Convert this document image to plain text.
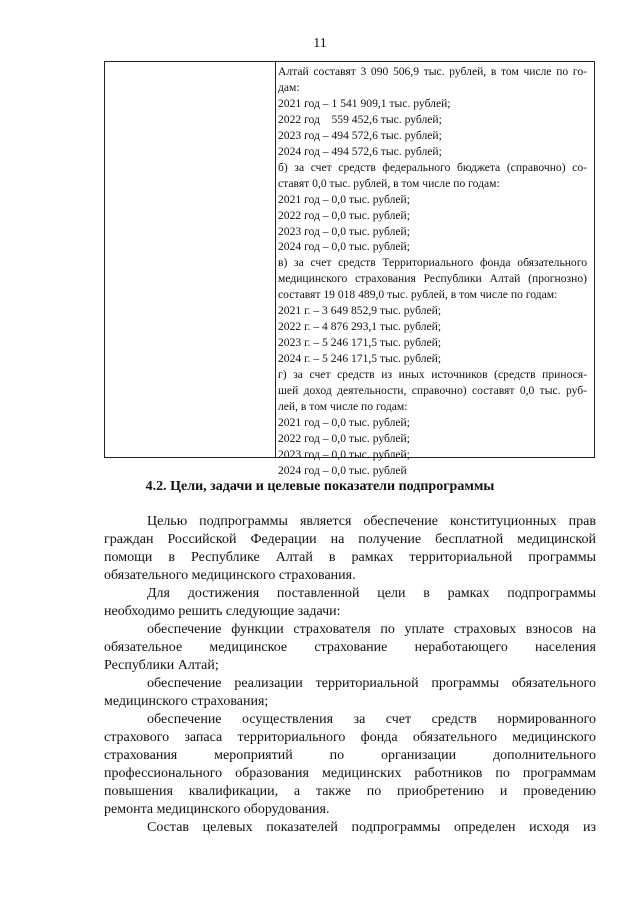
11
Алтай составят 3 090 506,9 тыс. рублей, в том числе по го-
дам:
2021 год – 1 541 909,1 тыс. рублей;
2022 год    559 452,6 тыс. рублей;
2023 год – 494 572,6 тыс. рублей;
2024 год – 494 572,6 тыс. рублей;
б) за счет средств федерального бюджета (справочно) со-
ставят 0,0 тыс. рублей, в том числе по годам:
2021 год – 0,0 тыс. рублей;
2022 год – 0,0 тыс. рублей;
2023 год – 0,0 тыс. рублей;
2024 год – 0,0 тыс. рублей;
в) за счет средств Территориального фонда обязательного
медицинского страхования Республики Алтай (прогнозно)
составят 19 018 489,0 тыс. рублей, в том числе по годам:
2021 г. – 3 649 852,9 тыс. рублей;
2022 г. – 4 876 293,1 тыс. рублей;
2023 г. – 5 246 171,5 тыс. рублей;
2024 г. – 5 246 171,5 тыс. рублей;
г) за счет средств из иных источников (средств принося-
шей доход деятельности, справочно) составят 0,0 тыс. руб-
лей, в том числе по годам:
2021 год – 0,0 тыс. рублей;
2022 год – 0,0 тыс. рублей;
2023 год – 0,0 тыс. рублей;
2024 год – 0,0 тыс. рублей
4.2. Цели, задачи и целевые показатели подпрограммы
Целью подпрограммы является обеспечение конституционных прав
граждан Российской Федерации на получение бесплатной медицинской
помощи в Республике Алтай в рамках территориальной программы
обязательного медицинского страхования.
Для достижения поставленной цели в рамках подпрограммы
необходимо решить следующие задачи:
обеспечение функции страхователя по уплате страховых взносов на
обязательное медицинское страхование неработающего населения
Республики Алтай;
обеспечение реализации территориальной программы обязательного
медицинского страхования;
обеспечение осуществления за счет средств нормированного
страхового запаса территориального фонда обязательного медицинского
страхования мероприятий по организации дополнительного
профессионального образования медицинских работников по программам
повышения квалификации, а также по приобретению и проведению
ремонта медицинского оборудования.
Состав целевых показателей подпрограммы определен исходя из
